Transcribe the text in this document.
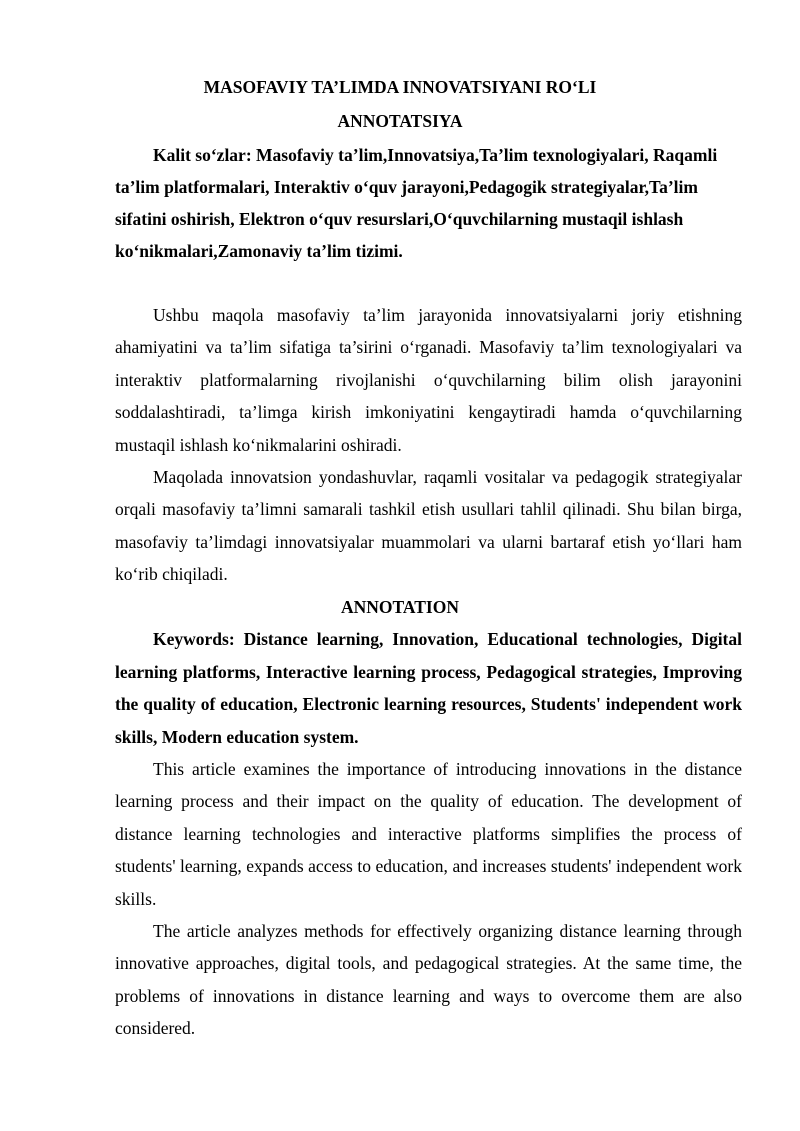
MASOFAVIY TA’LIMDA INNOVATSIYANI RO‘LI
ANNOTATSIYA

Kalit so‘zlar: Masofaviy ta’lim,Innovatsiya,Ta’lim texnologiyalari, Raqamli ta’lim platformalari, Interaktiv o‘quv jarayoni,Pedagogik strategiyalar,Ta’lim sifatini oshirish, Elektron o‘quv resurslari,O‘quvchilarning mustaqil ishlash ko‘nikmalari,Zamonaviy ta’lim tizimi.

Ushbu maqola masofaviy ta’lim jarayonida innovatsiyalarni joriy etishning ahamiyatini va ta’lim sifatiga ta’sirini o‘rganadi. Masofaviy ta’lim texnologiyalari va interaktiv platformalarning rivojlanishi o‘quvchilarning bilim olish jarayonini soddalashtiradi, ta’limga kirish imkoniyatini kengaytiradi hamda o‘quvchilarning mustaqil ishlash ko‘nikmalarini oshiradi.

Maqolada innovatsion yondashuvlar, raqamli vositalar va pedagogik strategiyalar orqali masofaviy ta’limni samarali tashkil etish usullari tahlil qilinadi. Shu bilan birga, masofaviy ta’limdagi innovatsiyalar muammolari va ularni bartaraf etish yo‘llari ham ko‘rib chiqiladi.

ANNOTATION

Keywords: Distance learning, Innovation, Educational technologies, Digital learning platforms, Interactive learning process, Pedagogical strategies, Improving the quality of education, Electronic learning resources, Students' independent work skills, Modern education system.

This article examines the importance of introducing innovations in the distance learning process and their impact on the quality of education. The development of distance learning technologies and interactive platforms simplifies the process of students' learning, expands access to education, and increases students' independent work skills.

The article analyzes methods for effectively organizing distance learning through innovative approaches, digital tools, and pedagogical strategies. At the same time, the problems of innovations in distance learning and ways to overcome them are also considered.
